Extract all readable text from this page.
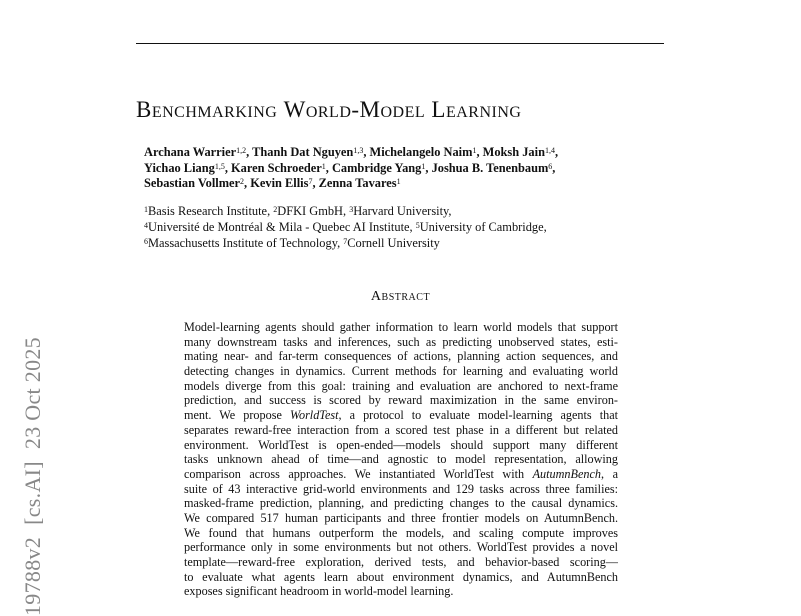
Benchmarking World-Model Learning
Archana Warrier$^{1,2}$, Thanh Dat Nguyen$^{1,3}$, Michelangelo Naim$^1$, Moksh Jain$^{1,4}$,
Yichao Liang$^{1,5}$, Karen Schroeder$^1$, Cambridge Yang$^1$, Joshua B. Tenenbaum$^6$,
Sebastian Vollmer$^2$, Kevin Ellis$^7$, Zenna Tavares$^1$
$^1$Basis Research Institute, $^2$DFKI GmbH, $^3$Harvard University,
$^4$Université de Montréal & Mila - Quebec AI Institute, $^5$University of Cambridge,
$^6$Massachusetts Institute of Technology, $^7$Cornell University
Abstract
Model-learning agents should gather information to learn world models that support
many downstream tasks and inferences, such as predicting unobserved states, esti-
mating near- and far-term consequences of actions, planning action sequences, and
detecting changes in dynamics. Current methods for learning and evaluating world
models diverge from this goal: training and evaluation are anchored to next-frame
prediction, and success is scored by reward maximization in the same environ-
ment. We propose WorldTest, a protocol to evaluate model-learning agents that
separates reward-free interaction from a scored test phase in a different but related
environment. WorldTest is open-ended—models should support many different
tasks unknown ahead of time—and agnostic to model representation, allowing
comparison across approaches. We instantiated WorldTest with AutumnBench, a
suite of 43 interactive grid-world environments and 129 tasks across three families:
masked-frame prediction, planning, and predicting changes to the causal dynamics.
We compared 517 human participants and three frontier models on AutumnBench.
We found that humans outperform the models, and scaling compute improves
performance only in some environments but not others. WorldTest provides a novel
template—reward-free exploration, derived tests, and behavior-based scoring—
to evaluate what agents learn about environment dynamics, and AutumnBench
exposes significant headroom in world-model learning.
19788v2[cs.AI]23 Oct 2025
